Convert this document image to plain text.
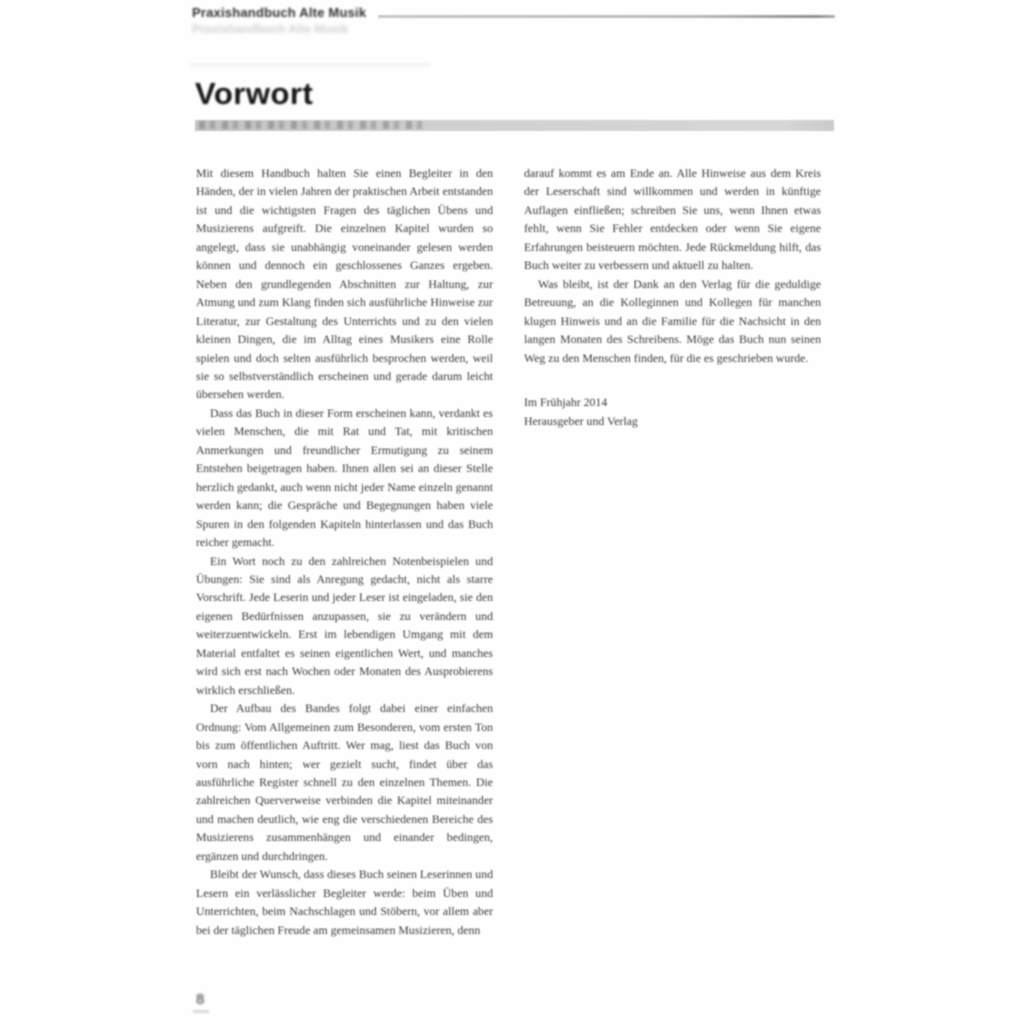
Praxishandbuch Alte Musik
Praxishandbuch Alte Musik
Vorwort

Mit diesem Handbuch halten Sie einen Begleiter in den Händen, der in vielen Jahren der praktischen Arbeit entstanden ist und die wichtigsten Fragen des täglichen Übens und Musizierens aufgreift. Die einzelnen Kapitel wurden so angelegt, dass sie unabhängig voneinander gelesen werden können und dennoch ein geschlossenes Ganzes ergeben. Neben den grundlegenden Abschnitten zur Haltung, zur Atmung und zum Klang finden sich ausführliche Hinweise zur Literatur, zur Gestaltung des Unterrichts und zu den vielen kleinen Dingen, die im Alltag eines Musikers eine Rolle spielen und doch selten ausführlich besprochen werden, weil sie so selbstverständlich erscheinen und gerade darum leicht übersehen werden.

Dass das Buch in dieser Form erscheinen kann, verdankt es vielen Menschen, die mit Rat und Tat, mit kritischen Anmerkungen und freundlicher Ermutigung zu seinem Entstehen beigetragen haben. Ihnen allen sei an dieser Stelle herzlich gedankt, auch wenn nicht jeder Name einzeln genannt werden kann; die Gespräche und Begegnungen haben viele Spuren in den folgenden Kapiteln hinterlassen und das Buch reicher gemacht.

Ein Wort noch zu den zahlreichen Notenbeispielen und Übungen: Sie sind als Anregung gedacht, nicht als starre Vorschrift. Jede Leserin und jeder Leser ist eingeladen, sie den eigenen Bedürfnissen anzupassen, sie zu verändern und weiterzuentwickeln. Erst im lebendigen Umgang mit dem Material entfaltet es seinen eigentlichen Wert, und manches wird sich erst nach Wochen oder Monaten des Ausprobierens wirklich erschließen.

Der Aufbau des Bandes folgt dabei einer einfachen Ordnung: Vom Allgemeinen zum Besonderen, vom ersten Ton bis zum öffentlichen Auftritt. Wer mag, liest das Buch von vorn nach hinten; wer gezielt sucht, findet über das ausführliche Register schnell zu den einzelnen Themen. Die zahlreichen Querverweise verbinden die Kapitel miteinander und machen deutlich, wie eng die verschiedenen Bereiche des Musizierens zusammenhängen und einander bedingen, ergänzen und durchdringen.

Bleibt der Wunsch, dass dieses Buch seinen Leserinnen und Lesern ein verlässlicher Begleiter werde: beim Üben und Unterrichten, beim Nachschlagen und Stöbern, vor allem aber bei der täglichen Freude am gemeinsamen Musizieren, denn

darauf kommt es am Ende an. Alle Hinweise aus dem Kreis der Leserschaft sind willkommen und werden in künftige Auflagen einfließen; schreiben Sie uns, wenn Ihnen etwas fehlt, wenn Sie Fehler entdecken oder wenn Sie eigene Erfahrungen beisteuern möchten. Jede Rückmeldung hilft, das Buch weiter zu verbessern und aktuell zu halten.

Was bleibt, ist der Dank an den Verlag für die geduldige Betreuung, an die Kolleginnen und Kollegen für manchen klugen Hinweis und an die Familie für die Nachsicht in den langen Monaten des Schreibens. Möge das Buch nun seinen Weg zu den Menschen finden, für die es geschrieben wurde.

Im Frühjahr 2014
Herausgeber und Verlag
8
